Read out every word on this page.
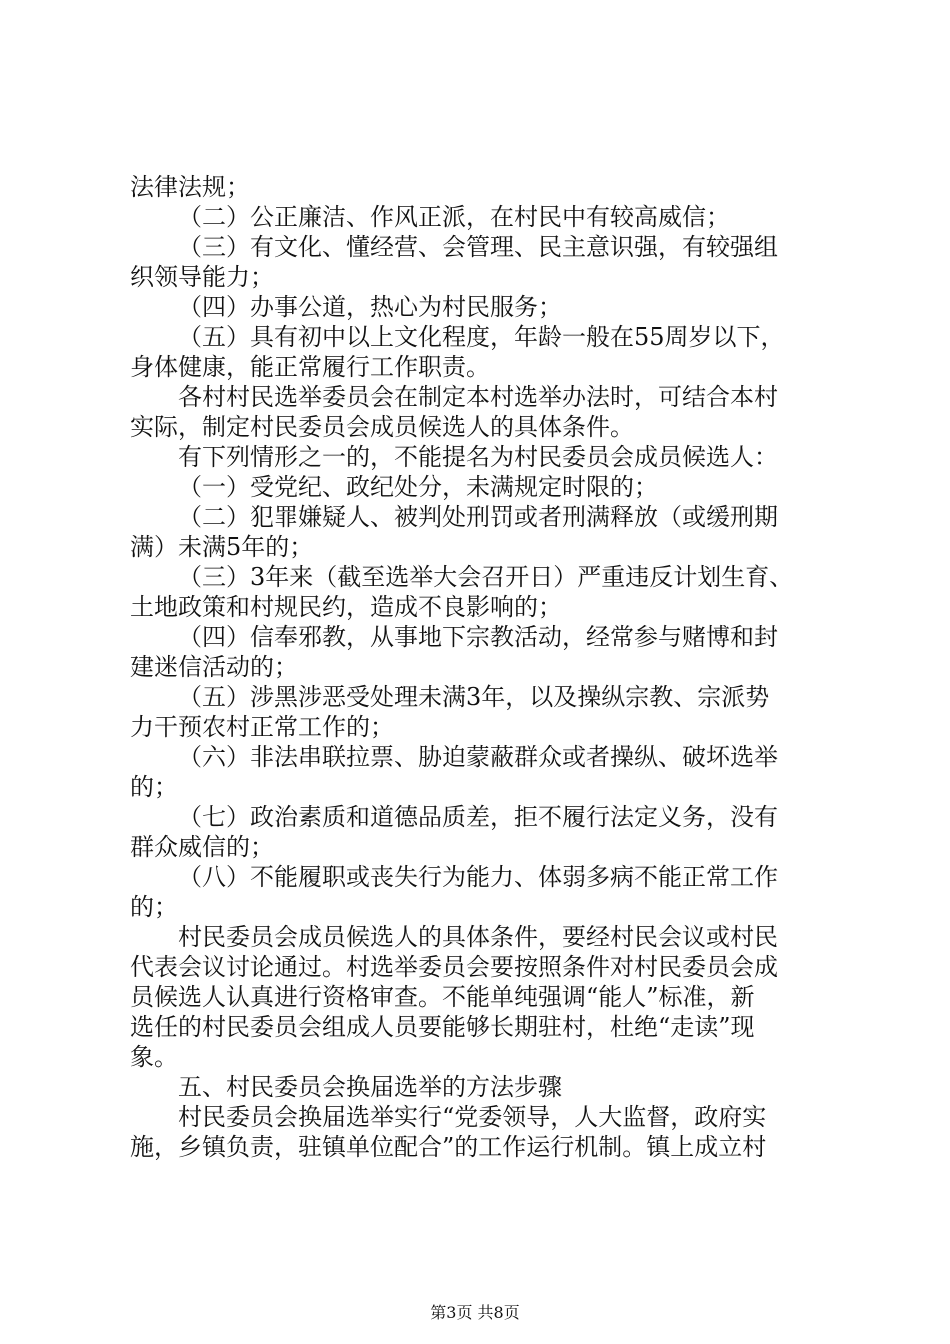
法律法规；
（二）公正廉洁、作风正派，在村民中有较高威信；
（三）有文化、懂经营、会管理、民主意识强，有较强组
织领导能力；
（四）办事公道，热心为村民服务；
（五）具有初中以上文化程度，年龄一般在55周岁以下，
身体健康，能正常履行工作职责。
各村村民选举委员会在制定本村选举办法时，可结合本村
实际，制定村民委员会成员候选人的具体条件。
有下列情形之一的，不能提名为村民委员会成员候选人：
（一）受党纪、政纪处分，未满规定时限的；
（二）犯罪嫌疑人、被判处刑罚或者刑满释放（或缓刑期
满）未满5年的；
（三）3年来（截至选举大会召开日）严重违反计划生育、
土地政策和村规民约，造成不良影响的；
（四）信奉邪教，从事地下宗教活动，经常参与赌博和封
建迷信活动的；
（五）涉黑涉恶受处理未满3年，以及操纵宗教、宗派势
力干预农村正常工作的；
（六）非法串联拉票、胁迫蒙蔽群众或者操纵、破坏选举
的；
（七）政治素质和道德品质差，拒不履行法定义务，没有
群众威信的；
（八）不能履职或丧失行为能力、体弱多病不能正常工作
的；
村民委员会成员候选人的具体条件，要经村民会议或村民
代表会议讨论通过。村选举委员会要按照条件对村民委员会成
员候选人认真进行资格审查。不能单纯强调“能人”标准，新
选任的村民委员会组成人员要能够长期驻村，杜绝“走读”现
象。
五、村民委员会换届选举的方法步骤
村民委员会换届选举实行“党委领导，人大监督，政府实
施，乡镇负责，驻镇单位配合”的工作运行机制。镇上成立村
第3页 共8页
